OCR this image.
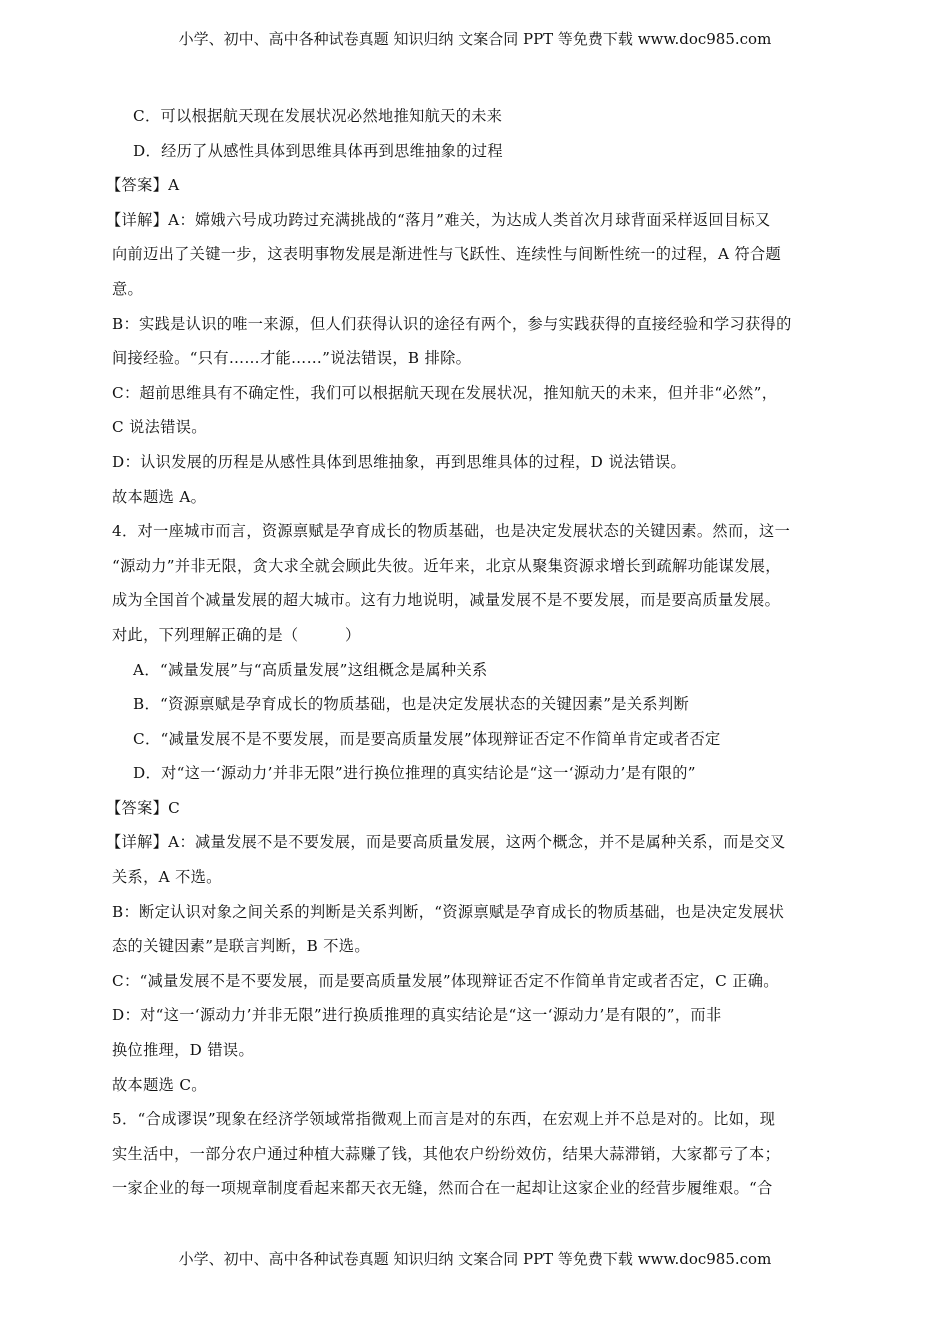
小学、初中、高中各种试卷真题 知识归纳 文案合同 PPT 等免费下载 www.doc985.com
C．可以根据航天现在发展状况必然地推知航天的未来
D．经历了从感性具体到思维具体再到思维抽象的过程
【答案】A
【详解】A：嫦娥六号成功跨过充满挑战的“落月”难关，为达成人类首次月球背面采样返回目标又
向前迈出了关键一步，这表明事物发展是渐进性与飞跃性、连续性与间断性统一的过程，A 符合题
意。
B：实践是认识的唯一来源，但人们获得认识的途径有两个，参与实践获得的直接经验和学习获得的
间接经验。“只有……才能……”说法错误，B 排除。
C：超前思维具有不确定性，我们可以根据航天现在发展状况，推知航天的未来，但并非“必然”，
C 说法错误。
D：认识发展的历程是从感性具体到思维抽象，再到思维具体的过程，D 说法错误。
故本题选 A。
4．对一座城市而言，资源禀赋是孕育成长的物质基础，也是决定发展状态的关键因素。然而，这一
“源动力”并非无限，贪大求全就会顾此失彼。近年来，北京从聚集资源求增长到疏解功能谋发展，
成为全国首个减量发展的超大城市。这有力地说明，减量发展不是不要发展，而是要高质量发展。
对此，下列理解正确的是（　　　）
A．“减量发展”与“高质量发展”这组概念是属种关系
B．“资源禀赋是孕育成长的物质基础，也是决定发展状态的关键因素”是关系判断
C．“减量发展不是不要发展，而是要高质量发展”体现辩证否定不作简单肯定或者否定
D．对“这一‘源动力’并非无限”进行换位推理的真实结论是“这一‘源动力’是有限的”
【答案】C
【详解】A：减量发展不是不要发展，而是要高质量发展，这两个概念，并不是属种关系，而是交叉
关系，A 不选。
B：断定认识对象之间关系的判断是关系判断，“资源禀赋是孕育成长的物质基础，也是决定发展状
态的关键因素”是联言判断，B 不选。
C：“减量发展不是不要发展，而是要高质量发展”体现辩证否定不作简单肯定或者否定，C 正确。
D：对“这一‘源动力’并非无限”进行换质推理的真实结论是“这一‘源动力’是有限的”，而非
换位推理，D 错误。
故本题选 C。
5．“合成谬误”现象在经济学领域常指微观上而言是对的东西，在宏观上并不总是对的。比如，现
实生活中，一部分农户通过种植大蒜赚了钱，其他农户纷纷效仿，结果大蒜滞销，大家都亏了本；
一家企业的每一项规章制度看起来都天衣无缝，然而合在一起却让这家企业的经营步履维艰。“合
小学、初中、高中各种试卷真题 知识归纳 文案合同 PPT 等免费下载 www.doc985.com
